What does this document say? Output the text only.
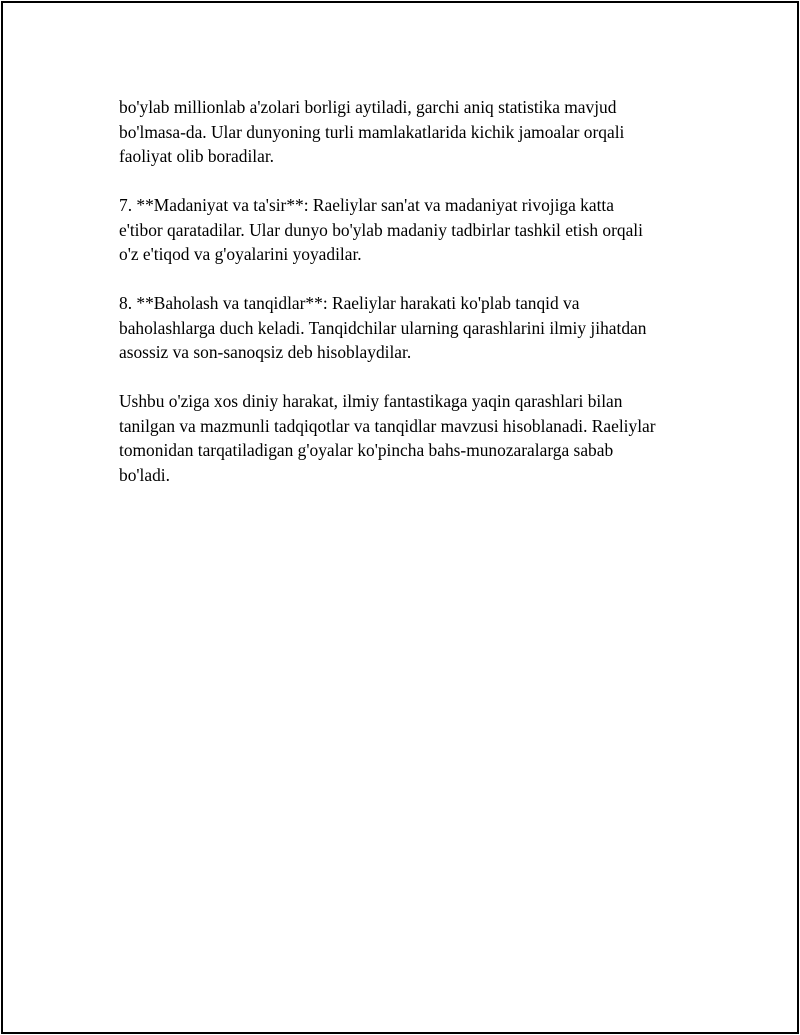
bo'ylab millionlab a'zolari borligi aytiladi, garchi aniq statistika mavjud
bo'lmasa-da. Ular dunyoning turli mamlakatlarida kichik jamoalar orqali
faoliyat olib boradilar.

7. **Madaniyat va ta'sir**: Raeliylar san'at va madaniyat rivojiga katta
e'tibor qaratadilar. Ular dunyo bo'ylab madaniy tadbirlar tashkil etish orqali
o'z e'tiqod va g'oyalarini yoyadilar.

8. **Baholash va tanqidlar**: Raeliylar harakati ko'plab tanqid va
baholashlarga duch keladi. Tanqidchilar ularning qarashlarini ilmiy jihatdan
asossiz va son-sanoqsiz deb hisoblaydilar.

Ushbu o'ziga xos diniy harakat, ilmiy fantastikaga yaqin qarashlari bilan
tanilgan va mazmunli tadqiqotlar va tanqidlar mavzusi hisoblanadi. Raeliylar
tomonidan tarqatiladigan g'oyalar ko'pincha bahs-munozaralarga sabab
bo'ladi.
